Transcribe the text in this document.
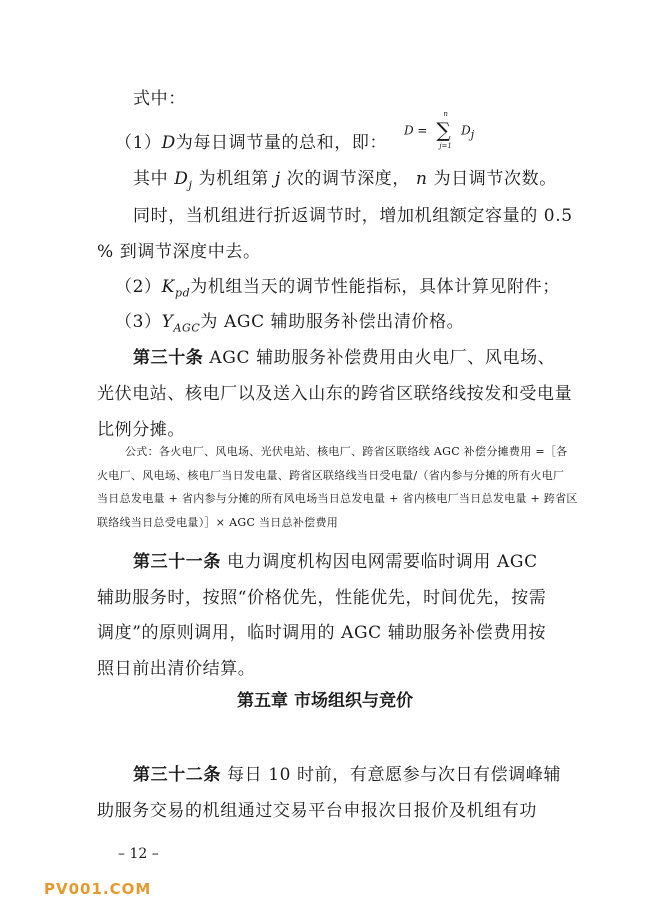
式中：
（1）D为每日调节量的总和，即：
D =
n
∑
j=1
$D_j$
其中 $D_j$ 为机组第 j 次的调节深度， n 为日调节次数。
同时，当机组进行折返调节时，增加机组额定容量的 0.5
% 到调节深度中去。
$(2)K_{pd}$为机组当天的调节性能指标，具体计算见附件；
$(3)Y_{AGC}$为 AGC 辅助服务补偿出清价格。
第三十条 AGC 辅助服务补偿费用由火电厂、风电场、
光伏电站、核电厂以及送入山东的跨省区联络线按发和受电量
比例分摊。
公式：各火电厂、风电场、光伏电站、核电厂、跨省区联络线 AGC 补偿分摊费用 =［各
火电厂、风电场、核电厂当日发电量、跨省区联络线当日受电量/（省内参与分摊的所有火电厂
当日总发电量 + 省内参与分摊的所有风电场当日总发电量 + 省内核电厂当日总发电量 + 跨省区
联络线当日总受电量）］× AGC 当日总补偿费用
第三十一条 电力调度机构因电网需要临时调用 AGC
辅助服务时，按照“价格优先，性能优先，时间优先，按需
调度”的原则调用，临时调用的 AGC 辅助服务补偿费用按
照日前出清价结算。
第五章 市场组织与竞价
第三十二条 每日 10 时前，有意愿参与次日有偿调峰辅
助服务交易的机组通过交易平台申报次日报价及机组有功
– 12 –
PV001.COM
